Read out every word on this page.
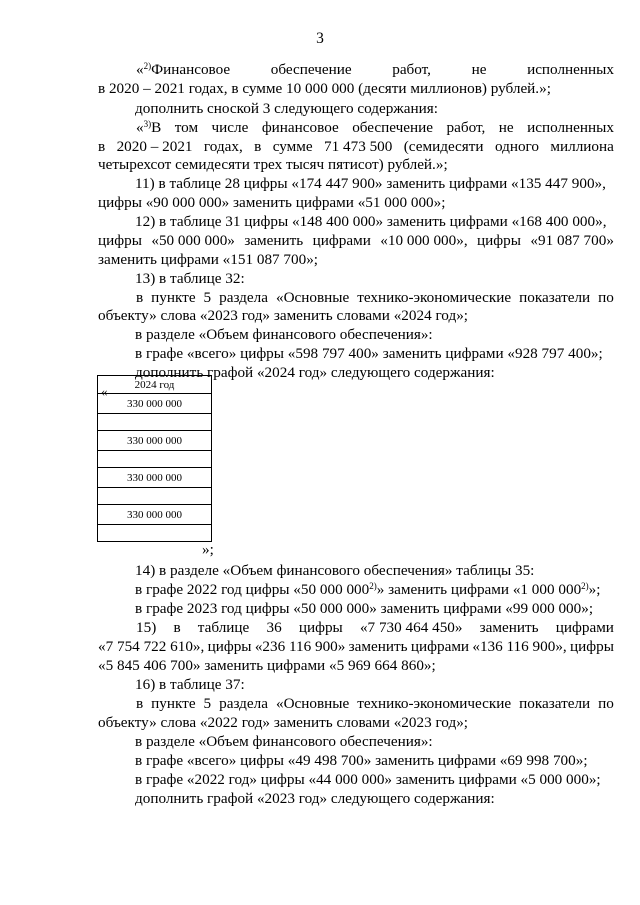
3
«$^{2)}$Финансовое	обеспечение	работ,	не	исполненных
в 2020 – 2021 годах, в сумме 10 000 000 (десяти миллионов) рублей.»;
дополнить сноской 3 следующего содержания:
«$^{3)}$В том числе финансовое обеспечение работ, не исполненных
в 2020 – 2021 годах, в сумме 71 473 500 (семидесяти одного миллиона
четырехсот семидесяти трех тысяч пятисот) рублей.»;
11) в таблице 28 цифры «174 447 900» заменить цифрами «135 447 900»,
цифры «90 000 000» заменить цифрами «51 000 000»;
12) в таблице 31 цифры «148 400 000» заменить цифрами «168 400 000»,
цифры «50 000 000» заменить цифрами «10 000 000», цифры «91 087 700»
заменить цифрами «151 087 700»;
13) в таблице 32:
в пункте 5 раздела «Основные технико-экономические показатели по
объекту» слова «2023 год» заменить словами «2024 год»;
в разделе «Объем финансового обеспечения»:
в графе «всего» цифры «598 797 400» заменить цифрами «928 797 400»;
дополнить графой «2024 год» следующего содержания:
« 2024 год
330 000 000

330 000 000

330 000 000

330 000 000

»;
14) в разделе «Объем финансового обеспечения» таблицы 35:
в графе 2022 год цифры «50 000 000$^{2)}$» заменить цифрами «1 000 000$^{2)}$»;
в графе 2023 год цифры «50 000 000» заменить цифрами «99 000 000»;
15) в таблице 36 цифры «7 730 464 450» заменить цифрами
«7 754 722 610», цифры «236 116 900» заменить цифрами «136 116 900», цифры
«5 845 406 700» заменить цифрами «5 969 664 860»;
16) в таблице 37:
в пункте 5 раздела «Основные технико-экономические показатели по
объекту» слова «2022 год» заменить словами «2023 год»;
в разделе «Объем финансового обеспечения»:
в графе «всего» цифры «49 498 700» заменить цифрами «69 998 700»;
в графе «2022 год» цифры «44 000 000» заменить цифрами «5 000 000»;
дополнить графой «2023 год» следующего содержания:
